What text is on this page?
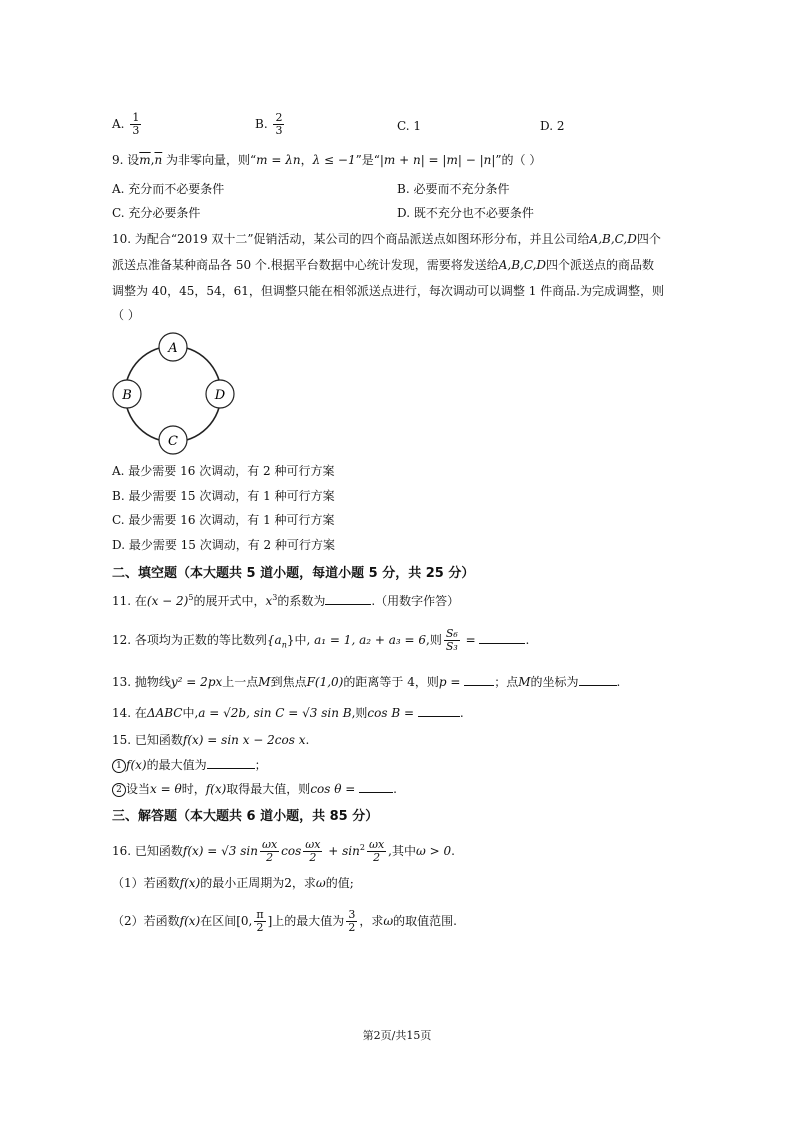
A. $\frac{1}{3}$	B. $\frac{2}{3}$	C. 1	D. 2
9. 设$\overline{m},\overline{n}$ 为非零向量，则“m = λn，λ ≤ −1”是“|m + n| = |m| − |n|”的（ ）
A. 充分而不必要条件	B. 必要而不充分条件
C. 充分必要条件	D. 既不充分也不必要条件
10. 为配合“2019 双十二”促销活动，某公司的四个商品派送点如图环形分布，并且公司给A,B,C,D四个
派送点准备某种商品各 50 个.根据平台数据中心统计发现，需要将发送给A,B,C,D四个派送点的商品数
调整为 40，45，54，61，但调整只能在相邻派送点进行，每次调动可以调整 1 件商品.为完成调整，则
（ ）
A
B	D
C
A. 最少需要 16 次调动，有 2 种可行方案
B. 最少需要 15 次调动，有 1 种可行方案
C. 最少需要 16 次调动，有 1 种可行方案
D. 最少需要 15 次调动，有 2 种可行方案
二、填空题（本大题共 5 道小题，每道小题 5 分，共 25 分）
11. 在$(x - 2)^5$的展开式中，$x^3$的系数为	.（用数字作答）
12. 各项均为正数的等比数列$\{a_n\}$中, a₁ = 1, a₂ + a₃ = 6,则 $\frac{\text{S₆}}{\text{S₃}}$ =	.
13. 抛物线y² = 2px上一点M到焦点F(1,0)的距离等于 4，则p =	；点M的坐标为	.
14. 在ΔABC中,a = √2b, sin C = √3 sin B,则cos B =	.
15. 已知函数f(x) = sin x − 2cos x.
1 f(x)的最大值为	；
2 设当x = θ时，f(x)取得最大值，则cos θ =	.
三、解答题（本大题共 6 道小题，共 85 分）
16. 已知函数f(x) = √3 $\sin \frac{\omega x}{2}$ $\cos \frac{\omega x}{2} + \sin^2 \frac{\omega x}{2}$ ,其中ω > 0.
（1）若函数f(x)的最小正周期为2，求ω的值;
（2）若函数f(x)在区间[0, $\frac{\pi}{2}$ ]上的最大值为 $\frac{3}{2}$ ，求ω的取值范围.
第2页/共15页
